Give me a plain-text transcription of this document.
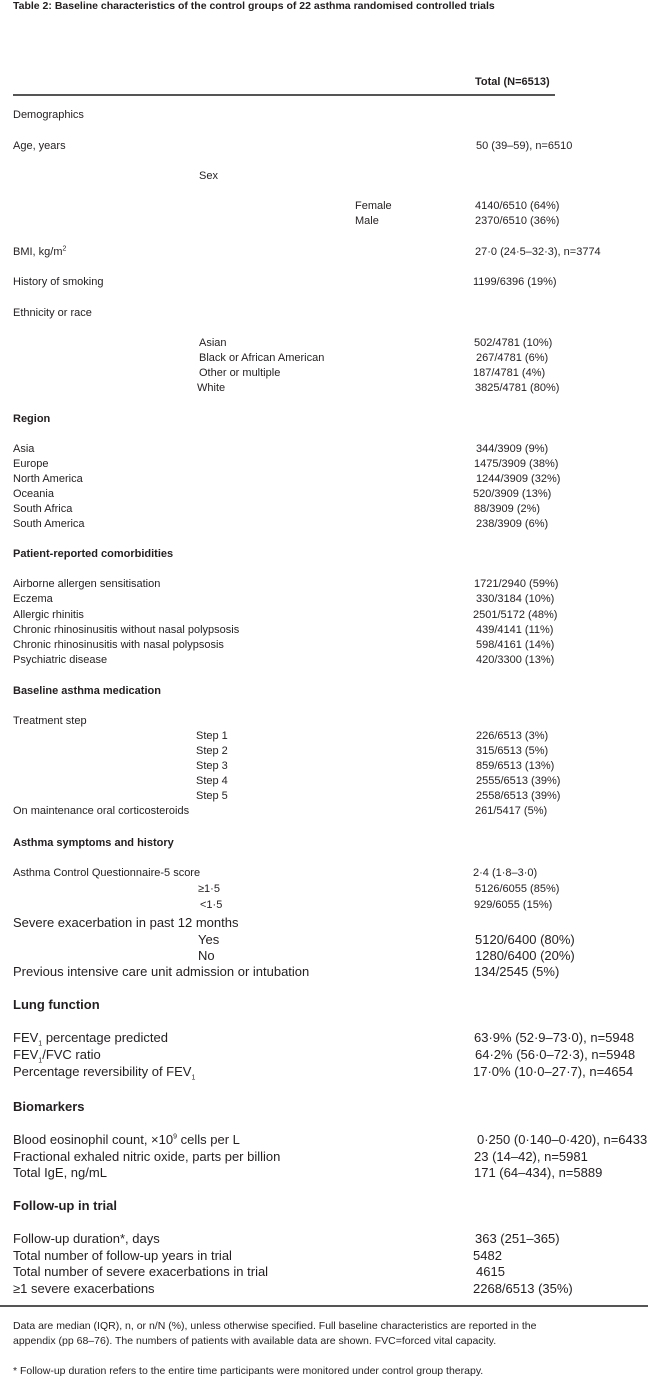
Table 2: Baseline characteristics of the control groups of 22 asthma randomised controlled trials
Total (N=6513)
Demographics
Age, years	50 (39–59), n=6510
Sex
Female	4140/6510 (64%)
Male	2370/6510 (36%)
BMI, $kg/m^2$	27·0 (24·5–32·3), n=3774
History of smoking	1199/6396 (19%)
Ethnicity or race
Asian	502/4781 (10%)
Black or African American	267/4781 (6%)
Other or multiple	187/4781 (4%)
White	3825/4781 (80%)
Region
Asia	344/3909 (9%)
Europe	1475/3909 (38%)
North America	1244/3909 (32%)
Oceania	520/3909 (13%)
South Africa	88/3909 (2%)
South America	238/3909 (6%)
Patient-reported comorbidities
Airborne allergen sensitisation	1721/2940 (59%)
Eczema	330/3184 (10%)
Allergic rhinitis	2501/5172 (48%)
Chronic rhinosinusitis without nasal polypsosis	439/4141 (11%)
Chronic rhinosinusitis with nasal polypsosis	598/4161 (14%)
Psychiatric disease	420/3300 (13%)
Baseline asthma medication
Treatment step
Step 1	226/6513 (3%)
Step 2	315/6513 (5%)
Step 3	859/6513 (13%)
Step 4	2555/6513 (39%)
Step 5	2558/6513 (39%)
On maintenance oral corticosteroids	261/5417 (5%)
Asthma symptoms and history
Asthma Control Questionnaire-5 score	2·4 (1·8–3·0)
≥1·5	5126/6055 (85%)
<1·5	929/6055 (15%)
Severe exacerbation in past 12 months
Yes	5120/6400 (80%)
No	1280/6400 (20%)
Previous intensive care unit admission or intubation	134/2545 (5%)
Lung function
$FEV_1$ percentage predicted	63·9% (52·9–73·0), n=5948
$FEV_1$/FVC ratio	64·2% (56·0–72·3), n=5948
Percentage reversibility of $FEV_1$	17·0% (10·0–27·7), n=4654
Biomarkers
Blood eosinophil count, $\times 10^9$ cells per L	0·250 (0·140–0·420), n=6433
Fractional exhaled nitric oxide, parts per billion	23 (14–42), n=5981
Total IgE, ng/mL	171 (64–434), n=5889
Follow-up in trial
Follow-up duration*, days	363 (251–365)
Total number of follow-up years in trial	5482
Total number of severe exacerbations in trial	4615
≥1 severe exacerbations	2268/6513 (35%)
Data are median (IQR), n, or n/N (%), unless otherwise specified. Full baseline characteristics are reported in the
appendix (pp 68–76). The numbers of patients with available data are shown. FVC=forced vital capacity.
* Follow-up duration refers to the entire time participants were monitored under control group therapy.
